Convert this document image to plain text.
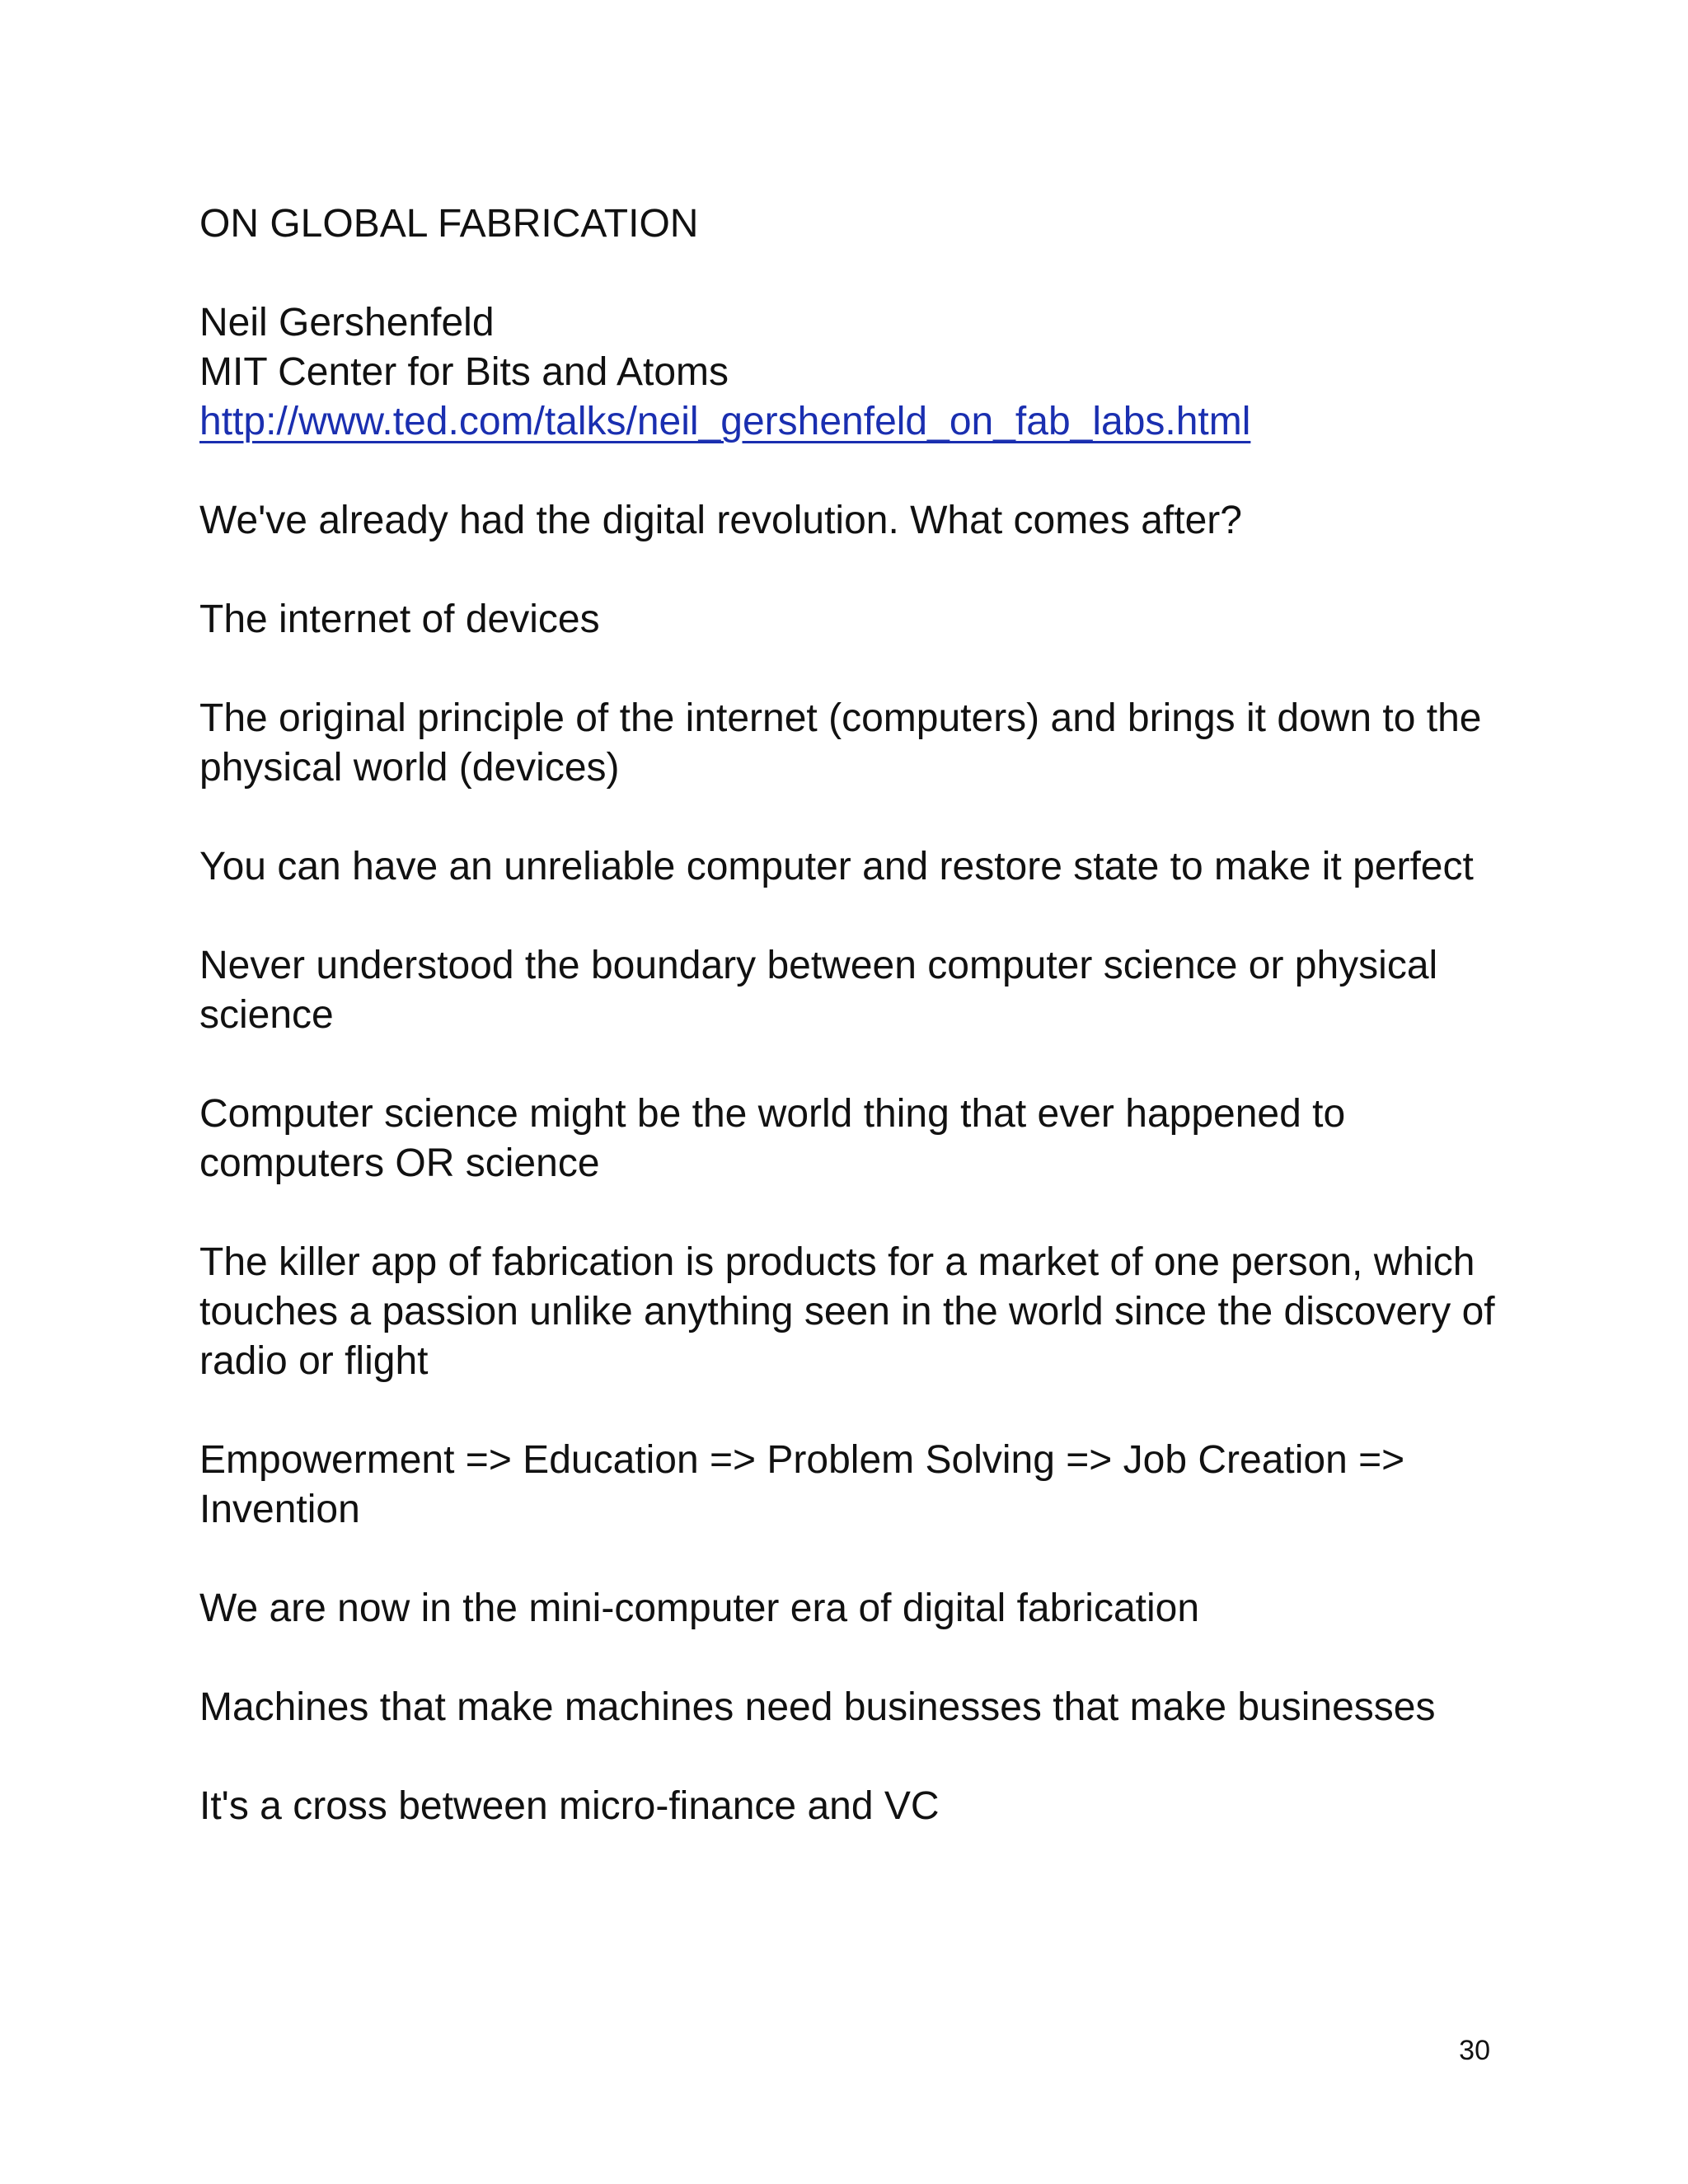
ON GLOBAL FABRICATION

Neil Gershenfeld

MIT Center for Bits and Atoms

http://www.ted.com/talks/neil_gershenfeld_on_fab_labs.html

We've already had the digital revolution. What comes after?

The internet of devices

The original principle of the internet (computers) and brings it down to the physical world (devices)

You can have an unreliable computer and restore state to make it perfect

Never understood the boundary between computer science or physical science

Computer science might be the world thing that ever happened to computers OR science

The killer app of fabrication is products for a market of one person, which touches a passion unlike anything seen in the world since the discovery of radio or flight

Empowerment => Education => Problem Solving => Job Creation => Invention

We are now in the mini-computer era of digital fabrication

Machines that make machines need businesses that make businesses

It's a cross between micro-finance and VC

30
